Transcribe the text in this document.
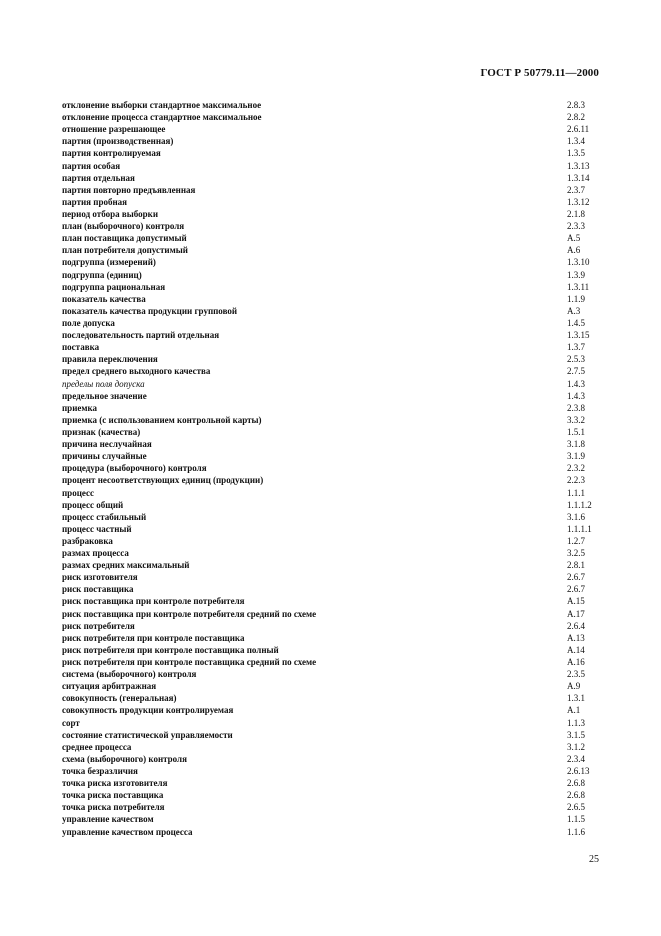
ГОСТ Р 50779.11—2000
отклонение выборки стандартное максимальное	2.8.3
отклонение процесса стандартное максимальное	2.8.2
отношение разрешающее	2.6.11
партия (производственная)	1.3.4
партия контролируемая	1.3.5
партия особая	1.3.13
партия отдельная	1.3.14
партия повторно предъявленная	2.3.7
партия пробная	1.3.12
период отбора выборки	2.1.8
план (выборочного) контроля	2.3.3
план поставщика допустимый	A.5
план потребителя допустимый	A.6
подгруппа (измерений)	1.3.10
подгруппа (единиц)	1.3.9
подгруппа рациональная	1.3.11
показатель качества	1.1.9
показатель качества продукции групповой	A.3
поле допуска	1.4.5
последовательность партий отдельная	1.3.15
поставка	1.3.7
правила переключения	2.5.3
предел среднего выходного качества	2.7.5
пределы поля допуска	1.4.3
предельное значение	1.4.3
приемка	2.3.8
приемка (с использованием контрольной карты)	3.3.2
признак (качества)	1.5.1
причина неслучайная	3.1.8
причины случайные	3.1.9
процедура (выборочного) контроля	2.3.2
процент несоответствующих единиц (продукции)	2.2.3
процесс	1.1.1
процесс общий	1.1.1.2
процесс стабильный	3.1.6
процесс частный	1.1.1.1
разбраковка	1.2.7
размах процесса	3.2.5
размах средних максимальный	2.8.1
риск изготовителя	2.6.7
риск поставщика	2.6.7
риск поставщика при контроле потребителя	A.15
риск поставщика при контроле потребителя средний по схеме	A.17
риск потребителя	2.6.4
риск потребителя при контроле поставщика	A.13
риск потребителя при контроле поставщика полный	A.14
риск потребителя при контроле поставщика средний по схеме	A.16
система (выборочного) контроля	2.3.5
ситуация арбитражная	A.9
совокупность (генеральная)	1.3.1
совокупность продукции контролируемая	A.1
сорт	1.1.3
состояние статистической управляемости	3.1.5
среднее процесса	3.1.2
схема (выборочного) контроля	2.3.4
точка безразличия	2.6.13
точка риска изготовителя	2.6.8
точка риска поставщика	2.6.8
точка риска потребителя	2.6.5
управление качеством	1.1.5
управление качеством процесса	1.1.6
25
